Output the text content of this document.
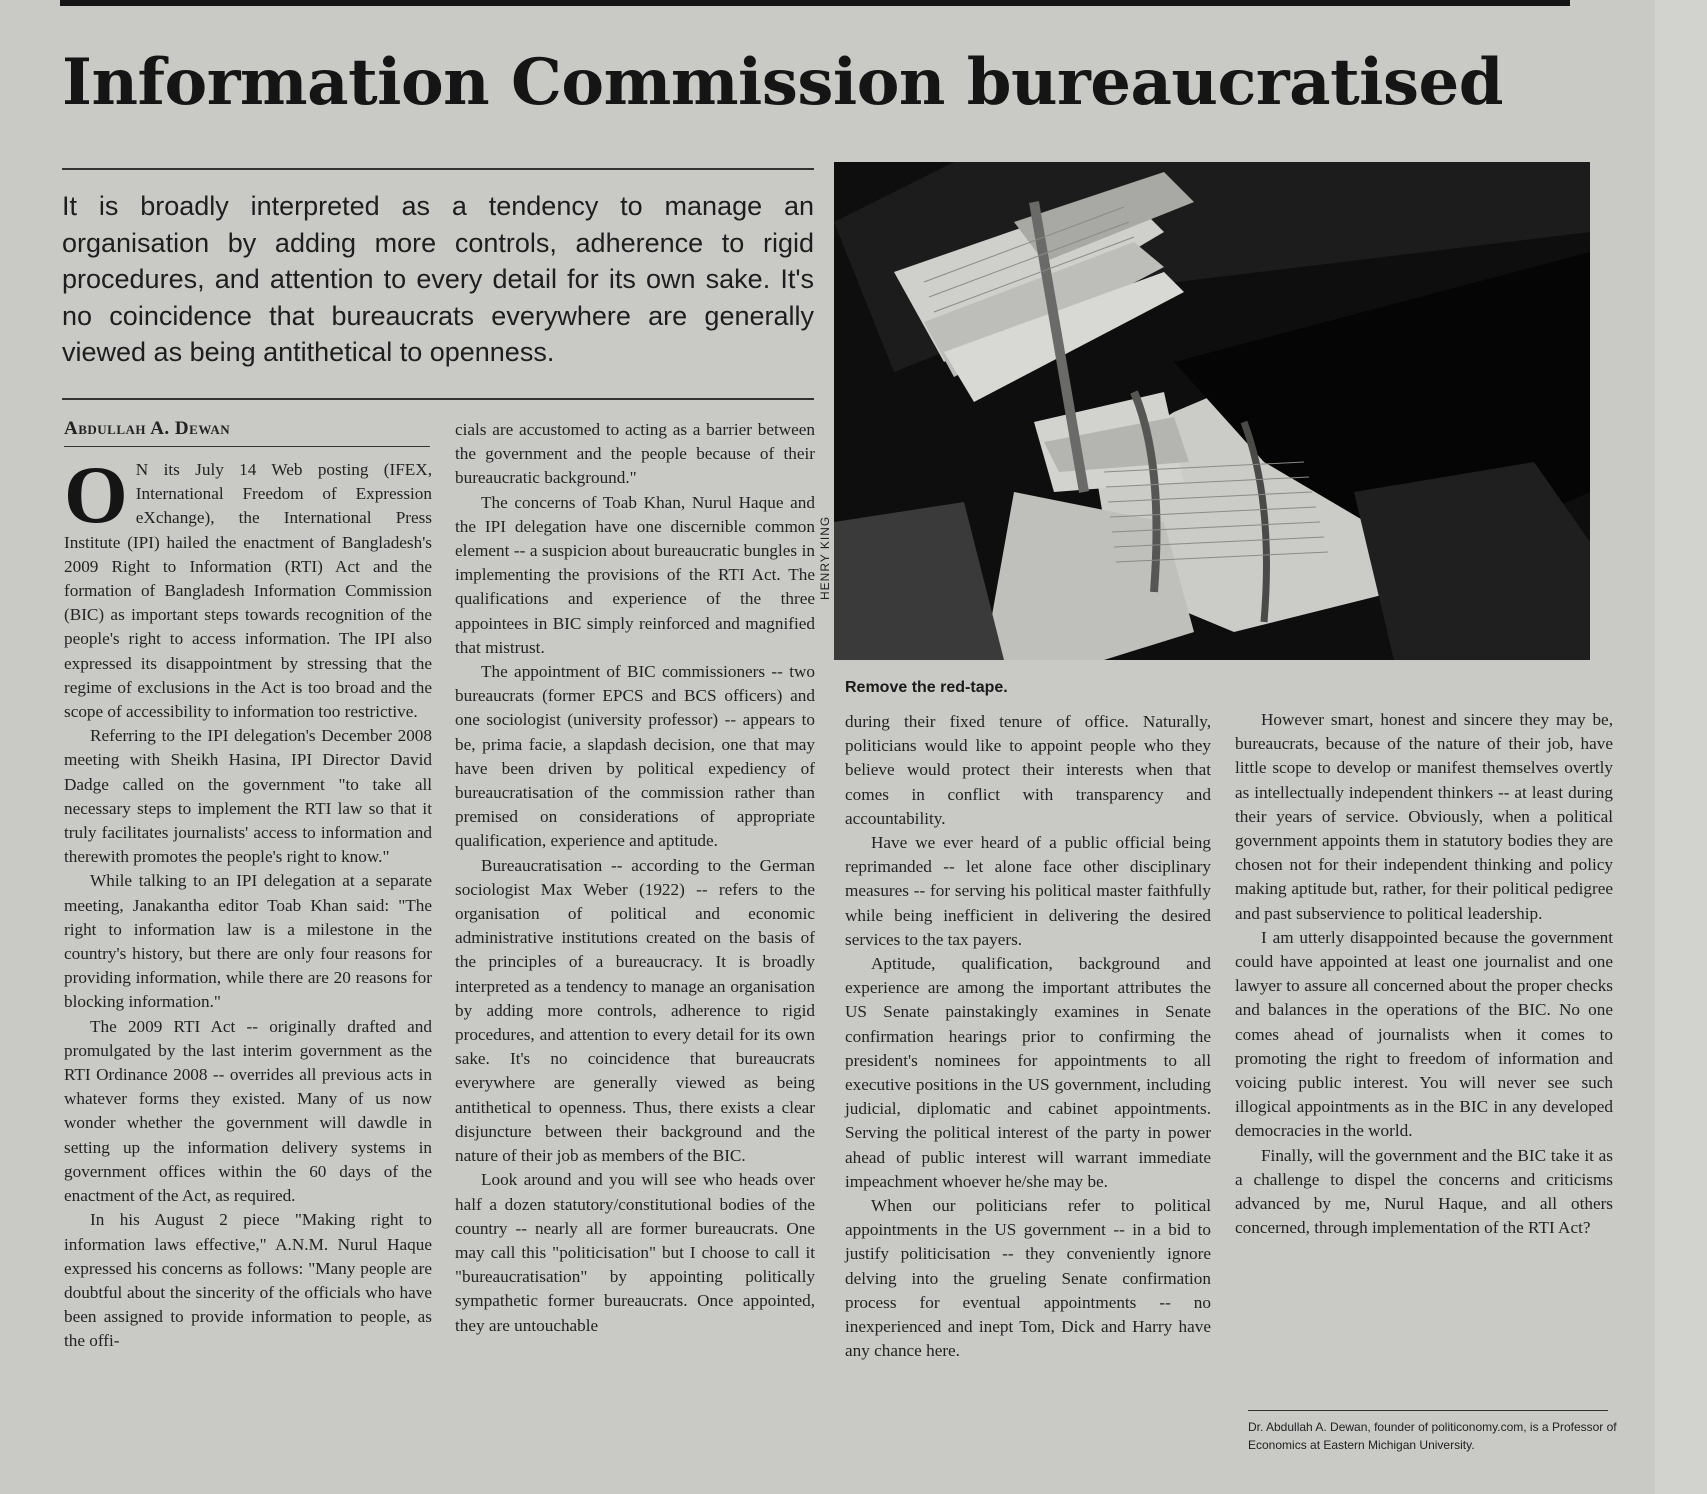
Information Commission bureaucratised

It is broadly interpreted as a tendency to manage an organisation by adding more controls, adherence to rigid procedures, and attention to every detail for its own sake. It's no coincidence that bureaucrats everywhere are generally viewed as being antithetical to openness.

HENRY KING
Remove the red-tape.
Abdullah A. Dewan

O N its July 14 Web posting (IFEX, International Freedom of Expression eXchange), the International Press Institute (IPI) hailed the enactment of Bangladesh's 2009 Right to Information (RTI) Act and the formation of Bangladesh Information Commission (BIC) as important steps towards recognition of the people's right to access information. The IPI also expressed its disappointment by stressing that the regime of exclusions in the Act is too broad and the scope of accessibility to information too restrictive.

Referring to the IPI delegation's December 2008 meeting with Sheikh Hasina, IPI Director David Dadge called on the government "to take all necessary steps to implement the RTI law so that it truly facilitates journalists' access to information and therewith promotes the people's right to know."

While talking to an IPI delegation at a separate meeting, Janakantha editor Toab Khan said: "The right to information law is a milestone in the country's history, but there are only four reasons for providing information, while there are 20 reasons for blocking information."

The 2009 RTI Act -- originally drafted and promulgated by the last interim government as the RTI Ordinance 2008 -- overrides all previous acts in whatever forms they existed. Many of us now wonder whether the government will dawdle in setting up the information delivery systems in government offices within the 60 days of the enactment of the Act, as required.

In his August 2 piece "Making right to information laws effective," A.N.M. Nurul Haque expressed his concerns as follows: "Many people are doubtful about the sincerity of the officials who have been assigned to provide information to people, as the offi-

cials are accustomed to acting as a barrier between the government and the people because of their bureaucratic background."

The concerns of Toab Khan, Nurul Haque and the IPI delegation have one discernible common element -- a suspicion about bureaucratic bungles in implementing the provisions of the RTI Act. The qualifications and experience of the three appointees in BIC simply reinforced and magnified that mistrust.

The appointment of BIC commissioners -- two bureaucrats (former EPCS and BCS officers) and one sociologist (university professor) -- appears to be, prima facie, a slapdash decision, one that may have been driven by political expediency of bureaucratisation of the commission rather than premised on considerations of appropriate qualification, experience and aptitude.

Bureaucratisation -- according to the German sociologist Max Weber (1922) -- refers to the organisation of political and economic administrative institutions created on the basis of the principles of a bureaucracy. It is broadly interpreted as a tendency to manage an organisation by adding more controls, adherence to rigid procedures, and attention to every detail for its own sake. It's no coincidence that bureaucrats everywhere are generally viewed as being antithetical to openness. Thus, there exists a clear disjuncture between their background and the nature of their job as members of the BIC.

Look around and you will see who heads over half a dozen statutory/constitutional bodies of the country -- nearly all are former bureaucrats. One may call this "politicisation" but I choose to call it "bureaucratisation" by appointing politically sympathetic former bureaucrats. Once appointed, they are untouchable

during their fixed tenure of office. Naturally, politicians would like to appoint people who they believe would protect their interests when that comes in conflict with transparency and accountability.

Have we ever heard of a public official being reprimanded -- let alone face other disciplinary measures -- for serving his political master faithfully while being inefficient in delivering the desired services to the tax payers.

Aptitude, qualification, background and experience are among the important attributes the US Senate painstakingly examines in Senate confirmation hearings prior to confirming the president's nominees for appointments to all executive positions in the US government, including judicial, diplomatic and cabinet appointments. Serving the political interest of the party in power ahead of public interest will warrant immediate impeachment whoever he/she may be.

When our politicians refer to political appointments in the US government -- in a bid to justify politicisation -- they conveniently ignore delving into the grueling Senate confirmation process for eventual appointments -- no inexperienced and inept Tom, Dick and Harry have any chance here.

However smart, honest and sincere they may be, bureaucrats, because of the nature of their job, have little scope to develop or manifest themselves overtly as intellectually independent thinkers -- at least during their years of service. Obviously, when a political government appoints them in statutory bodies they are chosen not for their independent thinking and policy making aptitude but, rather, for their political pedigree and past subservience to political leadership.

I am utterly disappointed because the government could have appointed at least one journalist and one lawyer to assure all concerned about the proper checks and balances in the operations of the BIC. No one comes ahead of journalists when it comes to promoting the right to freedom of information and voicing public interest. You will never see such illogical appointments as in the BIC in any developed democracies in the world.

Finally, will the government and the BIC take it as a challenge to dispel the concerns and criticisms advanced by me, Nurul Haque, and all others concerned, through implementation of the RTI Act?

Dr. Abdullah A. Dewan, founder of politiconomy.com, is a Professor of Economics at Eastern Michigan University.
